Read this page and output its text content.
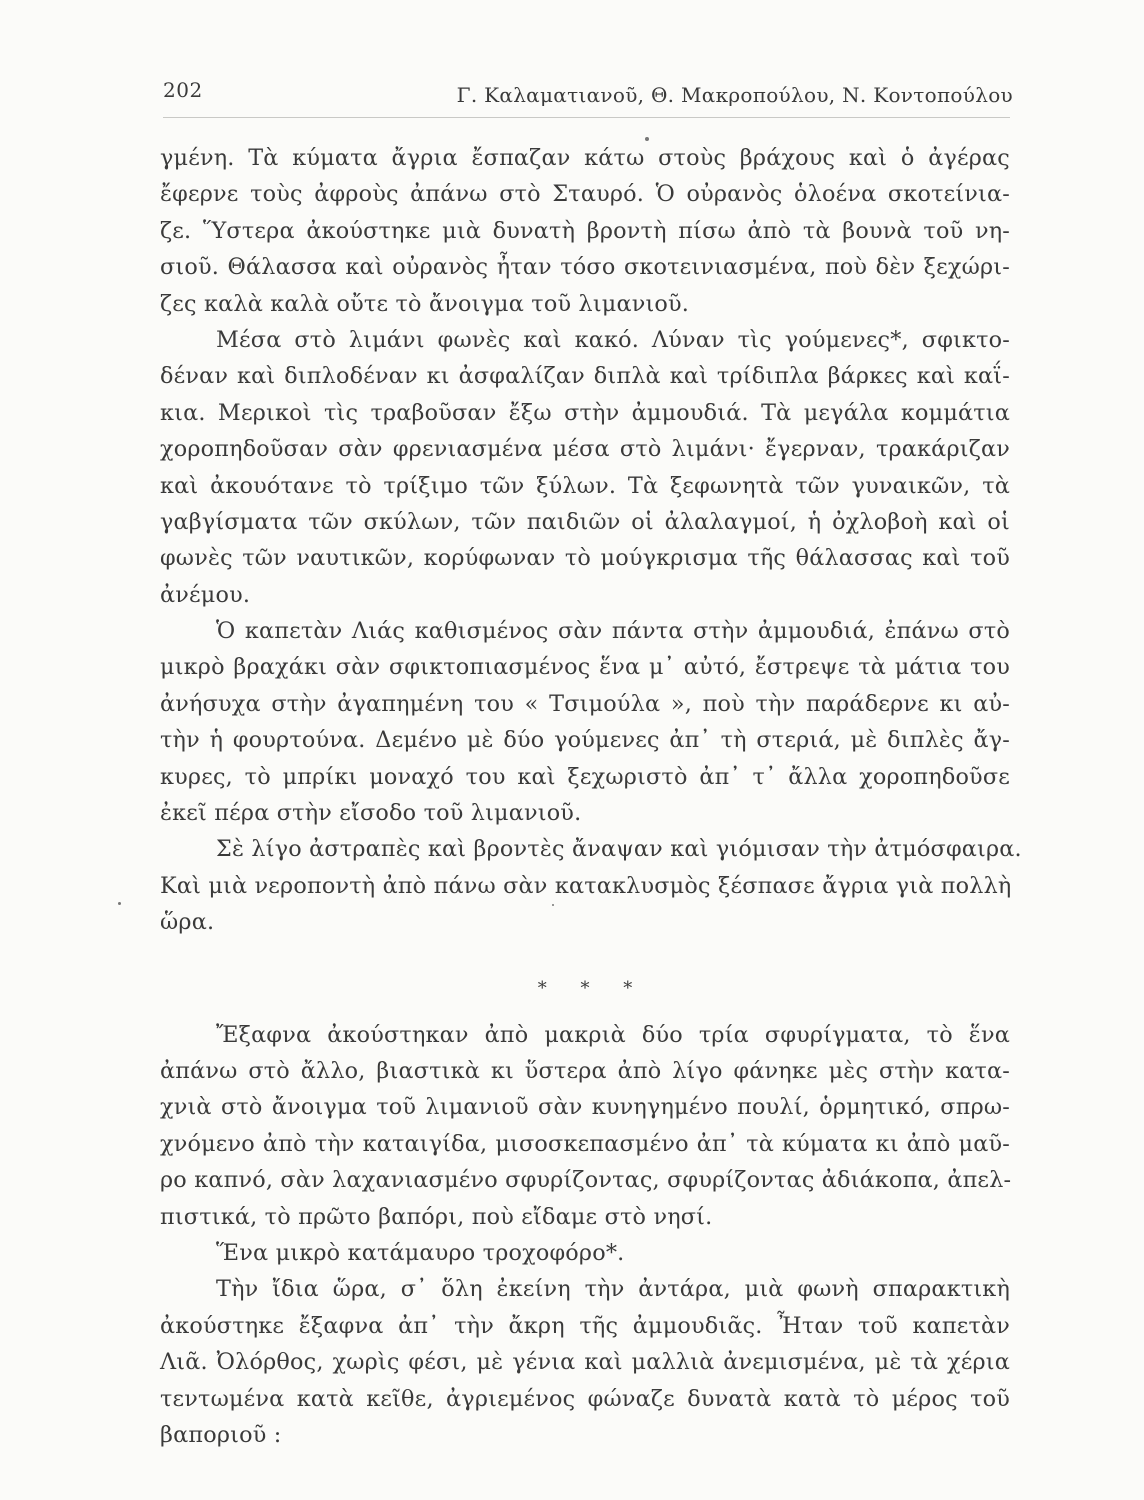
202	Γ. Καλαματιανοῦ, Θ. Μακροπούλου, Ν. Κοντοπούλου
γμένη. Τὰ κύματα ἄγρια ἔσπαζαν κάτω στοὺς βράχους καὶ ὁ ἀγέρας
ἔφερνε τοὺς ἀφροὺς ἀπάνω στὸ Σταυρό. Ὁ οὐρανὸς ὁλοένα σκοτείνια-
ζε. Ὕστερα ἀκούστηκε μιὰ δυνατὴ βροντὴ πίσω ἀπὸ τὰ βουνὰ τοῦ νη-
σιοῦ. Θάλασσα καὶ οὐρανὸς ἦταν τόσο σκοτεινιασμένα, ποὺ δὲν ξεχώρι-
ζες καλὰ καλὰ οὔτε τὸ ἄνοιγμα τοῦ λιμανιοῦ.
Μέσα στὸ λιμάνι φωνὲς καὶ κακό. Λύναν τὶς γούμενες*, σφικτο-
δέναν καὶ διπλοδέναν κι ἀσφαλίζαν διπλὰ καὶ τρίδιπλα βάρκες καὶ καΐ-
κια. Μερικοὶ τὶς τραβοῦσαν ἔξω στὴν ἀμμουδιά. Τὰ μεγάλα κομμάτια
χοροπηδοῦσαν σὰν φρενιασμένα μέσα στὸ λιμάνι· ἔγερναν, τρακάριζαν
καὶ ἀκουότανε τὸ τρίξιμο τῶν ξύλων. Τὰ ξεφωνητὰ τῶν γυναικῶν, τὰ
γαβγίσματα τῶν σκύλων, τῶν παιδιῶν οἱ ἀλαλαγμοί, ἡ ὀχλοβοὴ καὶ οἱ
φωνὲς τῶν ναυτικῶν, κορύφωναν τὸ μούγκρισμα τῆς θάλασσας καὶ τοῦ
ἀνέμου.
Ὁ καπετὰν Λιάς καθισμένος σὰν πάντα στὴν ἀμμουδιά, ἐπάνω στὸ
μικρὸ βραχάκι σὰν σφικτοπιασμένος ἕνα μ᾽ αὐτό, ἔστρεψε τὰ μάτια του
ἀνήσυχα στὴν ἀγαπημένη του « Τσιμούλα », ποὺ τὴν παράδερνε κι αὐ-
τὴν ἡ φουρτούνα. Δεμένο μὲ δύο γούμενες ἀπ᾽ τὴ στεριά, μὲ διπλὲς ἄγ-
κυρες, τὸ μπρίκι μοναχό του καὶ ξεχωριστὸ ἀπ᾽ τ᾽ ἄλλα χοροπηδοῦσε
ἐκεῖ πέρα στὴν εἴσοδο τοῦ λιμανιοῦ.
Σὲ λίγο ἀστραπὲς καὶ βροντὲς ἄναψαν καὶ γιόμισαν τὴν ἀτμόσφαιρα.
Καὶ μιὰ νεροποντὴ ἀπὸ πάνω σὰν κατακλυσμὸς ξέσπασε ἄγρια γιὰ πολλὴ
ὥρα.
* * *
Ἔξαφνα ἀκούστηκαν ἀπὸ μακριὰ δύο τρία σφυρίγματα, τὸ ἕνα
ἀπάνω στὸ ἄλλο, βιαστικὰ κι ὕστερα ἀπὸ λίγο φάνηκε μὲς στὴν κατα-
χνιὰ στὸ ἄνοιγμα τοῦ λιμανιοῦ σὰν κυνηγημένο πουλί, ὁρμητικό, σπρω-
χνόμενο ἀπὸ τὴν καταιγίδα, μισοσκεπασμένο ἀπ᾽ τὰ κύματα κι ἀπὸ μαῦ-
ρο καπνό, σὰν λαχανιασμένο σφυρίζοντας, σφυρίζοντας ἀδιάκοπα, ἀπελ-
πιστικά, τὸ πρῶτο βαπόρι, ποὺ εἴδαμε στὸ νησί.
Ἕνα μικρὸ κατάμαυρο τροχοφόρο*.
Τὴν ἴδια ὥρα, σ᾽ ὅλη ἐκείνη τὴν ἀντάρα, μιὰ φωνὴ σπαρακτικὴ
ἀκούστηκε ἔξαφνα ἀπ᾽ τὴν ἄκρη τῆς ἀμμουδιᾶς. Ἦταν τοῦ καπετὰν
Λιᾶ. Ὀλόρθος, χωρὶς φέσι, μὲ γένια καὶ μαλλιὰ ἀνεμισμένα, μὲ τὰ χέρια
τεντωμένα κατὰ κεῖθε, ἀγριεμένος φώναζε δυνατὰ κατὰ τὸ μέρος τοῦ
βαποριοῦ :
